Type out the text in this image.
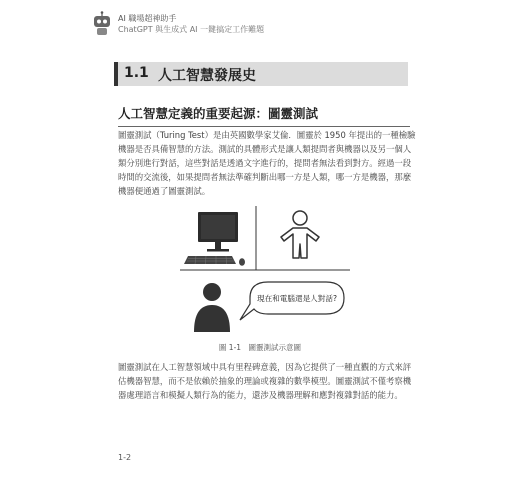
AI 職場超神助手
ChatGPT 與生成式 AI 一鍵搞定工作難題
1.1 人工智慧發展史
人工智慧定義的重要起源：圖靈測試
圖靈測試（Turing Test）是由英國數學家艾倫．圖靈於 1950 年提出的一種檢驗
機器是否具備智慧的方法。測試的具體形式是讓人類提問者與機器以及另一個人
類分別進行對話，這些對話是透過文字進行的，提問者無法看到對方。經過一段
時間的交流後，如果提問者無法準確判斷出哪一方是人類，哪一方是機器，那麼
機器便通過了圖靈測試。
現在和電腦還是人對話?
圖 1-1　圖靈測試示意圖
圖靈測試在人工智慧領域中具有里程碑意義，因為它提供了一種直觀的方式來評
估機器智慧，而不是依賴於抽象的理論或複雜的數學模型。圖靈測試不僅考察機
器處理語言和模擬人類行為的能力，還涉及機器理解和應對複雜對話的能力。
1-2
